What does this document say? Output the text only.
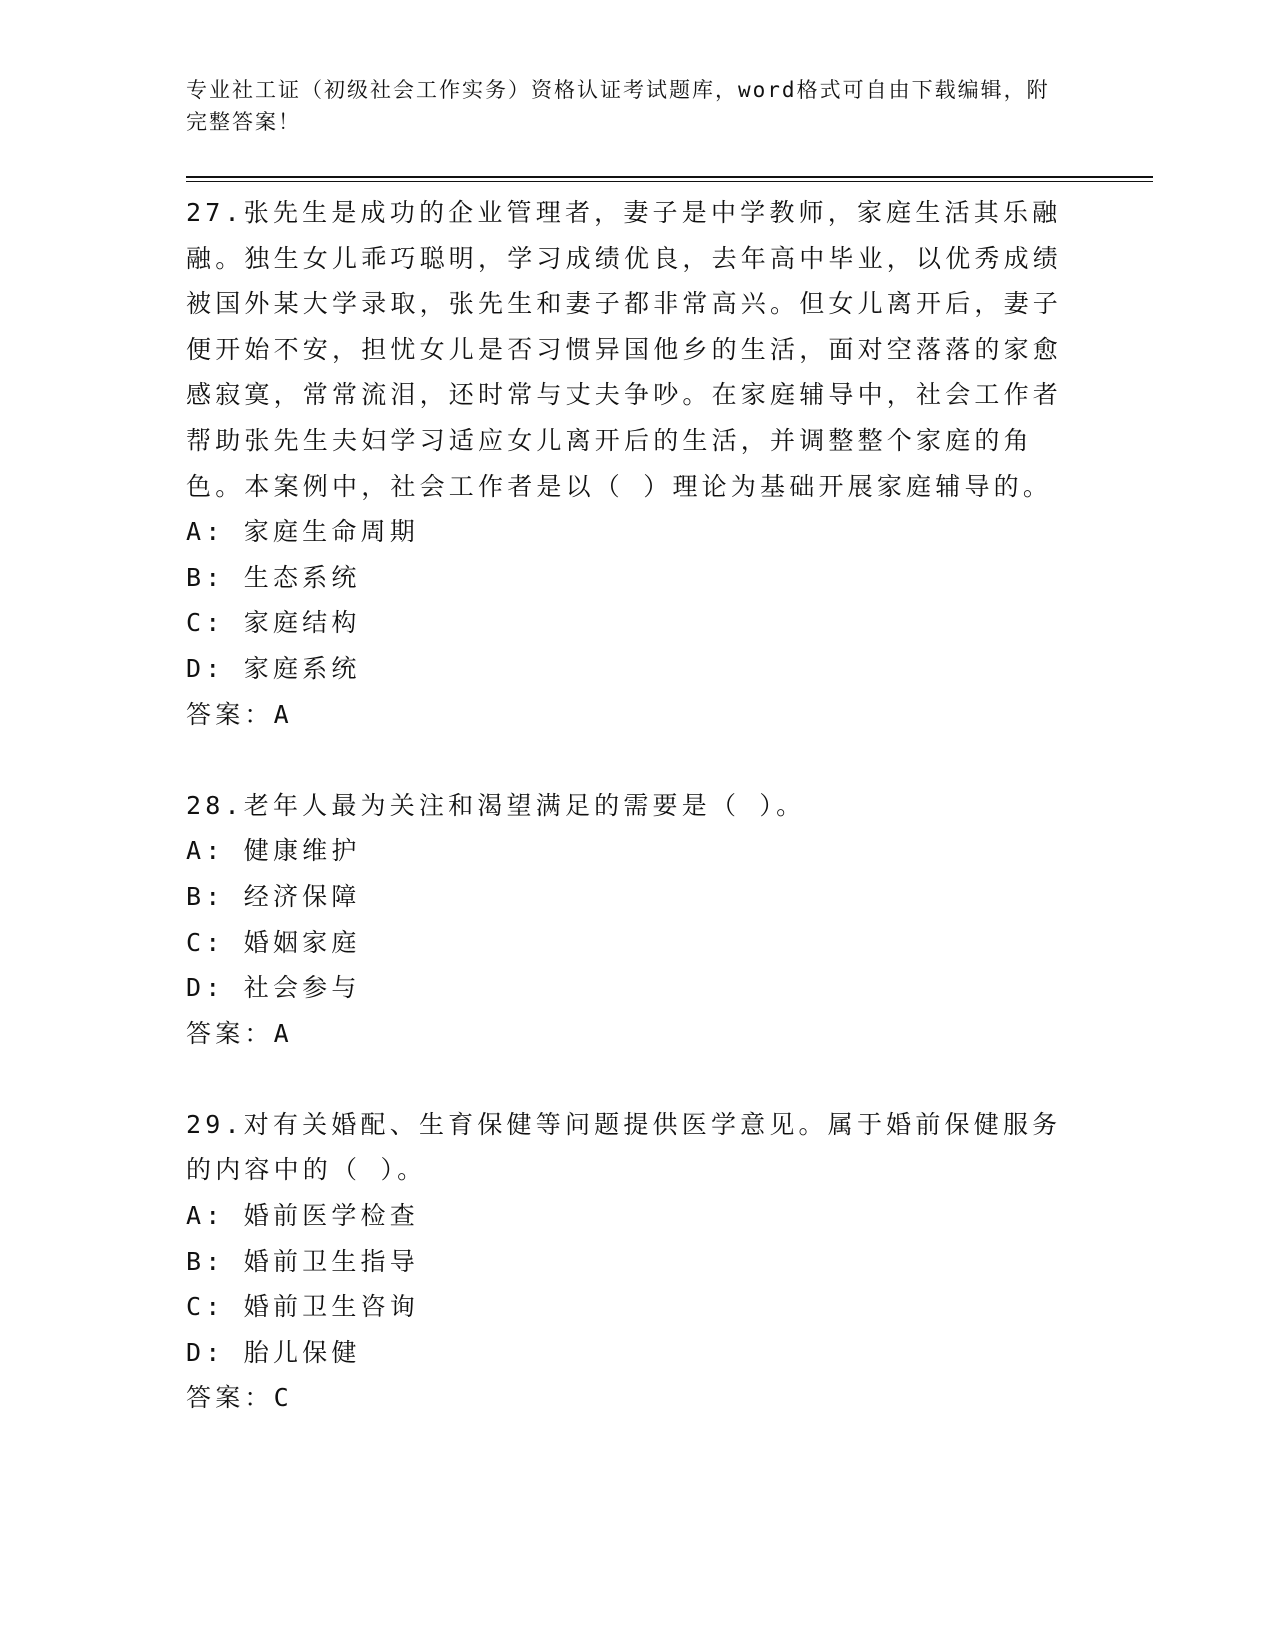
专业社工证（初级社会工作实务）资格认证考试题库，word格式可自由下载编辑，附完整答案！

27.张先生是成功的企业管理者，妻子是中学教师，家庭生活其乐融融。独生女儿乖巧聪明，学习成绩优良，去年高中毕业，以优秀成绩被国外某大学录取，张先生和妻子都非常高兴。但女儿离开后，妻子便开始不安，担忧女儿是否习惯异国他乡的生活，面对空落落的家愈感寂寞，常常流泪，还时常与丈夫争吵。在家庭辅导中，社会工作者帮助张先生夫妇学习适应女儿离开后的生活，并调整整个家庭的角色。本案例中，社会工作者是以（ ）理论为基础开展家庭辅导的。

A: 家庭生命周期

B: 生态系统

C: 家庭结构

D: 家庭系统

答案：A

28.老年人最为关注和渴望满足的需要是（ ）。

A: 健康维护

B: 经济保障

C: 婚姻家庭

D: 社会参与

答案：A

29.对有关婚配、生育保健等问题提供医学意见。属于婚前保健服务的内容中的（ ）。

A: 婚前医学检查

B: 婚前卫生指导

C: 婚前卫生咨询

D: 胎儿保健

答案：C
